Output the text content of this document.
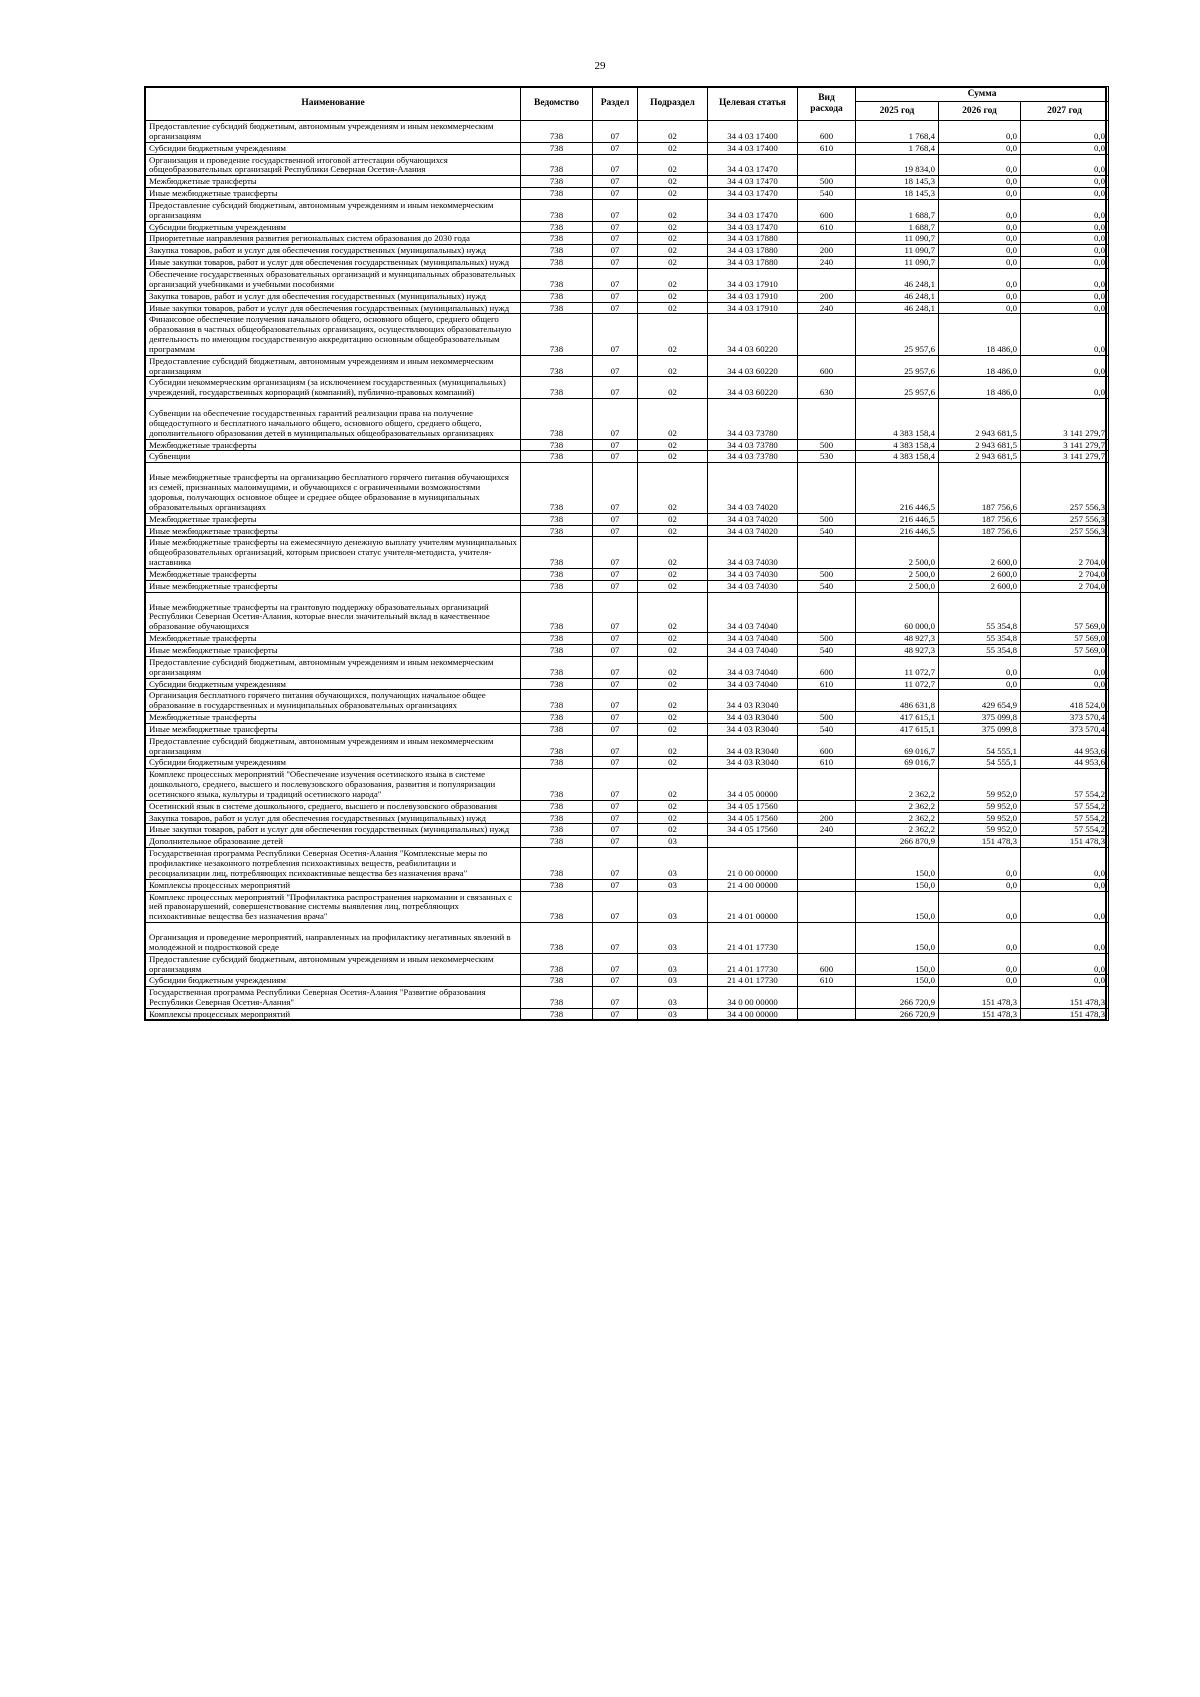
29
Наименование	Ведомство	Раздел	Подраздел	Целевая статья	Вид расхода	Сумма		
						2025 год	2026 год	2027 год
Предоставление субсидий бюджетным, автономным учреждениям и иным некоммерческим организациям	738	07	02	34 4 03 17400	600	1 768,4	0,0	0,0
Субсидии бюджетным учреждениям	738	07	02	34 4 03 17400	610	1 768,4	0,0	0,0
Организация и проведение государственной итоговой аттестации обучающихся общеобразовательных организаций Республики Северная Осетия-Алания	738	07	02	34 4 03 17470		19 834,0	0,0	0,0
Межбюджетные трансферты	738	07	02	34 4 03 17470	500	18 145,3	0,0	0,0
Иные межбюджетные трансферты	738	07	02	34 4 03 17470	540	18 145,3	0,0	0,0
Предоставление субсидий бюджетным, автономным учреждениям и иным некоммерческим организациям	738	07	02	34 4 03 17470	600	1 688,7	0,0	0,0
Субсидии бюджетным учреждениям	738	07	02	34 4 03 17470	610	1 688,7	0,0	0,0
Приоритетные направления развития региональных систем образования до 2030 года	738	07	02	34 4 03 17880		11 090,7	0,0	0,0
Закупка товаров, работ и услуг для обеспечения государственных (муниципальных) нужд	738	07	02	34 4 03 17880	200	11 090,7	0,0	0,0
Иные закупки товаров, работ и услуг для обеспечения государственных (муниципальных) нужд	738	07	02	34 4 03 17880	240	11 090,7	0,0	0,0
Обеспечение государственных образовательных организаций и муниципальных образовательных организаций учебниками и учебными пособиями	738	07	02	34 4 03 17910		46 248,1	0,0	0,0
Закупка товаров, работ и услуг для обеспечения государственных (муниципальных) нужд	738	07	02	34 4 03 17910	200	46 248,1	0,0	0,0
Иные закупки товаров, работ и услуг для обеспечения государственных (муниципальных) нужд	738	07	02	34 4 03 17910	240	46 248,1	0,0	0,0
Финансовое обеспечение получения начального общего, основного общего, среднего общего образования в частных общеобразовательных организациях, осуществляющих образовательную деятельность по имеющим государственную аккредитацию основным общеобразовательным программам	738	07	02	34 4 03 60220		25 957,6	18 486,0	0,0
Предоставление субсидий бюджетным, автономным учреждениям и иным некоммерческим организациям	738	07	02	34 4 03 60220	600	25 957,6	18 486,0	0,0
Субсидии некоммерческим организациям (за исключением государственных (муниципальных) учреждений, государственных корпораций (компаний), публично-правовых компаний)	738	07	02	34 4 03 60220	630	25 957,6	18 486,0	0,0
Субвенции на обеспечение государственных гарантий реализации права на получение общедоступного и бесплатного начального общего, основного общего, среднего общего, дополнительного образования детей в муниципальных общеобразовательных организациях	738	07	02	34 4 03 73780		4 383 158,4	2 943 681,5	3 141 279,7
Межбюджетные трансферты	738	07	02	34 4 03 73780	500	4 383 158,4	2 943 681,5	3 141 279,7
Субвенции	738	07	02	34 4 03 73780	530	4 383 158,4	2 943 681,5	3 141 279,7
Иные межбюджетные трансферты на организацию бесплатного горячего питания обучающихся из семей, признанных малоимущими, и обучающихся с ограниченными возможностями здоровья, получающих основное общее и среднее общее образование в муниципальных образовательных организациях	738	07	02	34 4 03 74020		216 446,5	187 756,6	257 556,3
Межбюджетные трансферты	738	07	02	34 4 03 74020	500	216 446,5	187 756,6	257 556,3
Иные межбюджетные трансферты	738	07	02	34 4 03 74020	540	216 446,5	187 756,6	257 556,3
Иные межбюджетные трансферты на ежемесячную денежную выплату учителям муниципальных общеобразовательных организаций, которым присвоен статус учителя-методиста, учителя-наставника	738	07	02	34 4 03 74030		2 500,0	2 600,0	2 704,0
Межбюджетные трансферты	738	07	02	34 4 03 74030	500	2 500,0	2 600,0	2 704,0
Иные межбюджетные трансферты	738	07	02	34 4 03 74030	540	2 500,0	2 600,0	2 704,0
Иные межбюджетные трансферты на грантовую поддержку образовательных организаций Республики Северная Осетия-Алания, которые внесли значительный вклад в качественное образование обучающихся	738	07	02	34 4 03 74040		60 000,0	55 354,8	57 569,0
Межбюджетные трансферты	738	07	02	34 4 03 74040	500	48 927,3	55 354,8	57 569,0
Иные межбюджетные трансферты	738	07	02	34 4 03 74040	540	48 927,3	55 354,8	57 569,0
Предоставление субсидий бюджетным, автономным учреждениям и иным некоммерческим организациям	738	07	02	34 4 03 74040	600	11 072,7	0,0	0,0
Субсидии бюджетным учреждениям	738	07	02	34 4 03 74040	610	11 072,7	0,0	0,0
Организация бесплатного горячего питания обучающихся, получающих начальное общее образование в государственных и муниципальных образовательных организациях	738	07	02	34 4 03 R3040		486 631,8	429 654,9	418 524,0
Межбюджетные трансферты	738	07	02	34 4 03 R3040	500	417 615,1	375 099,8	373 570,4
Иные межбюджетные трансферты	738	07	02	34 4 03 R3040	540	417 615,1	375 099,8	373 570,4
Предоставление субсидий бюджетным, автономным учреждениям и иным некоммерческим организациям	738	07	02	34 4 03 R3040	600	69 016,7	54 555,1	44 953,6
Субсидии бюджетным учреждениям	738	07	02	34 4 03 R3040	610	69 016,7	54 555,1	44 953,6
Комплекс процессных мероприятий "Обеспечение изучения осетинского языка в системе дошкольного, среднего, высшего и послевузовского образования, развития и популяризации осетинского языка, культуры и традиций осетинского народа"	738	07	02	34 4 05 00000		2 362,2	59 952,0	57 554,2
Осетинский язык в системе дошкольного, среднего, высшего и послевузовского образования	738	07	02	34 4 05 17560		2 362,2	59 952,0	57 554,2
Закупка товаров, работ и услуг для обеспечения государственных (муниципальных) нужд	738	07	02	34 4 05 17560	200	2 362,2	59 952,0	57 554,2
Иные закупки товаров, работ и услуг для обеспечения государственных (муниципальных) нужд	738	07	02	34 4 05 17560	240	2 362,2	59 952,0	57 554,2
Дополнительное образование детей	738	07	03			266 870,9	151 478,3	151 478,3
Государственная программа Республики Северная Осетия-Алания "Комплексные меры по профилактике незаконного потребления психоактивных веществ, реабилитации и ресоциализации лиц, потребляющих психоактивные вещества без назначения врача"	738	07	03	21 0 00 00000		150,0	0,0	0,0
Комплексы процессных мероприятий	738	07	03	21 4 00 00000		150,0	0,0	0,0
Комплекс процессных мероприятий "Профилактика распространения наркомании и связанных с ней правонарушений, совершенствование системы выявления лиц, потребляющих психоактивные вещества без назначения врача"	738	07	03	21 4 01 00000		150,0	0,0	0,0
Организация и проведение мероприятий, направленных на профилактику негативных явлений в молодежной и подростковой среде	738	07	03	21 4 01 17730		150,0	0,0	0,0
Предоставление субсидий бюджетным, автономным учреждениям и иным некоммерческим организациям	738	07	03	21 4 01 17730	600	150,0	0,0	0,0
Субсидии бюджетным учреждениям	738	07	03	21 4 01 17730	610	150,0	0,0	0,0
Государственная программа Республики Северная Осетия-Алания "Развитие образования Республики Северная Осетия-Алания"	738	07	03	34 0 00 00000		266 720,9	151 478,3	151 478,3
Комплексы процессных мероприятий	738	07	03	34 4 00 00000		266 720,9	151 478,3	151 478,3
